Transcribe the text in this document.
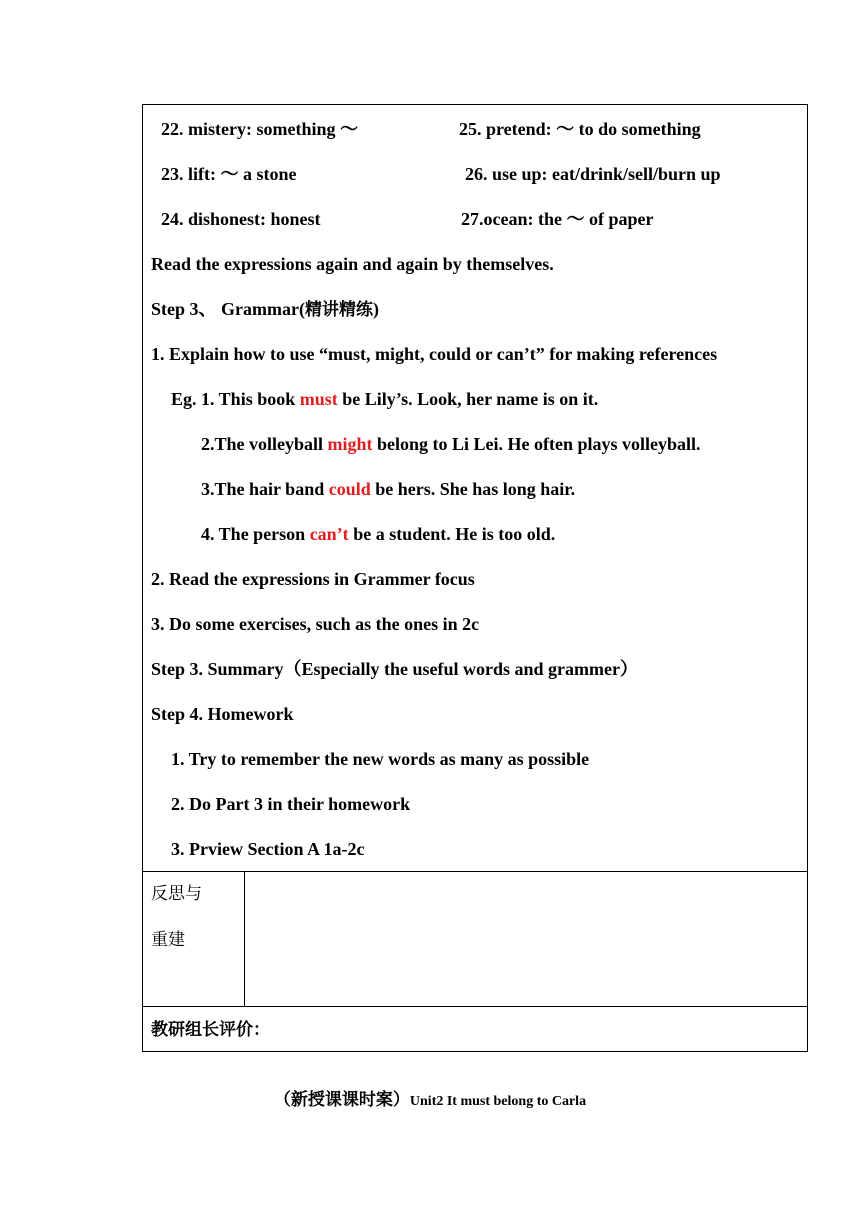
22. mistery: something 〜	25. pretend: 〜 to do something
23. lift: 〜 a stone	26. use up: eat/drink/sell/burn up
24. dishonest: honest	27.ocean: the 〜 of paper
Read the expressions again and again by themselves.
Step 3、 Grammar(精讲精练)
1. Explain how to use “must, might, could or can’t” for making references
Eg. 1. This book must be Lily’s. Look, her name is on it.
2.The volleyball might belong to Li Lei. He often plays volleyball.
3.The hair band could be hers. She has long hair.
4. The person can’t be a student. He is too old.
2. Read the expressions in Grammer focus
3. Do some exercises, such as the ones in 2c
Step 3. Summary（Especially the useful words and grammer）
Step 4. Homework
1. Try to remember the new words as many as possible
2. Do Part 3 in their homework
3. Prview Section A 1a-2c
反思与
重建
教研组长评价：
（新授课课时案）Unit2 It must belong to Carla
